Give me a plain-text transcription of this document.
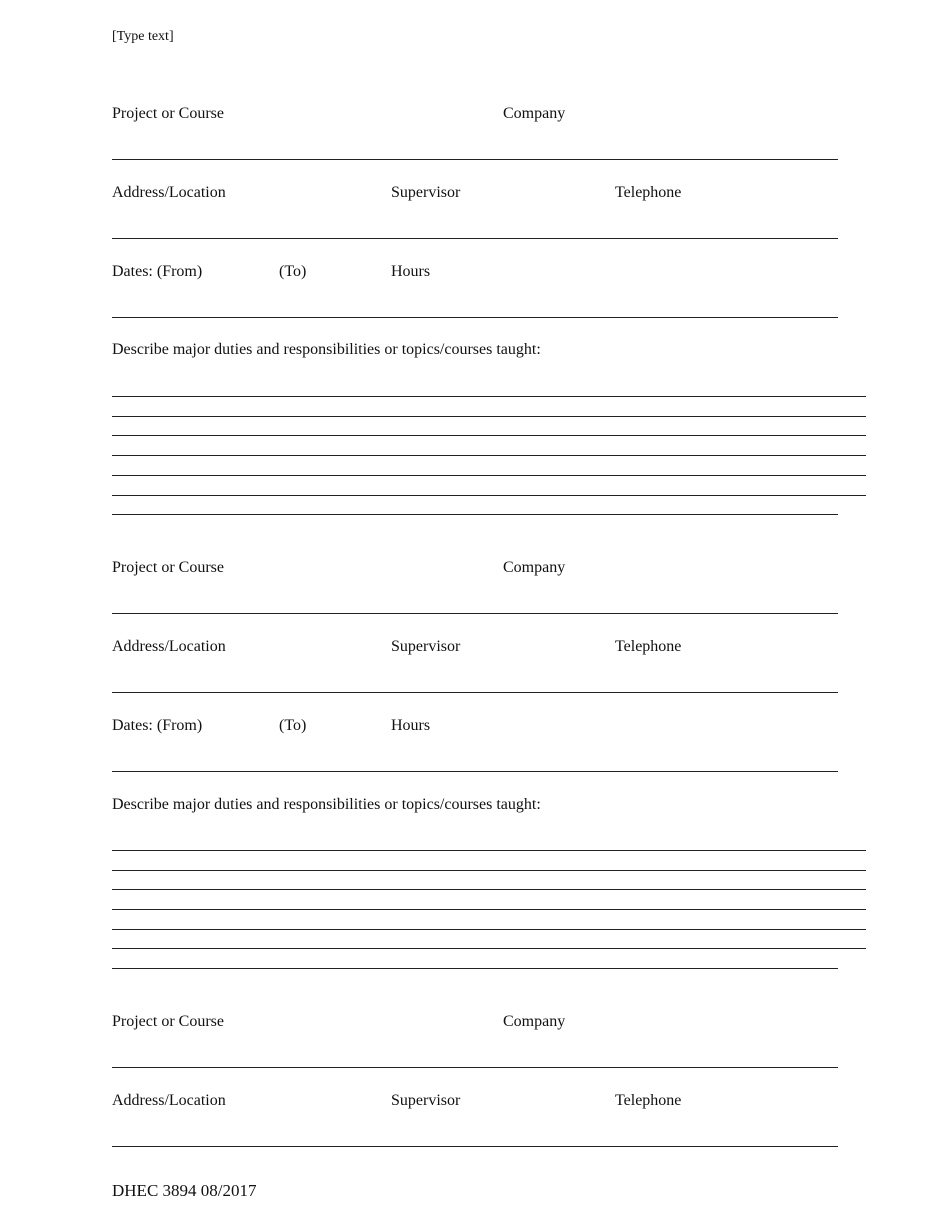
[Type text]
Project or Course	Company
Address/Location	Supervisor	Telephone
Dates: (From)	(To)	Hours
Describe major duties and responsibilities or topics/courses taught:
Project or Course	Company
Address/Location	Supervisor	Telephone
Dates: (From)	(To)	Hours
Describe major duties and responsibilities or topics/courses taught:
Project or Course	Company
Address/Location	Supervisor	Telephone
DHEC 3894 08/2017
